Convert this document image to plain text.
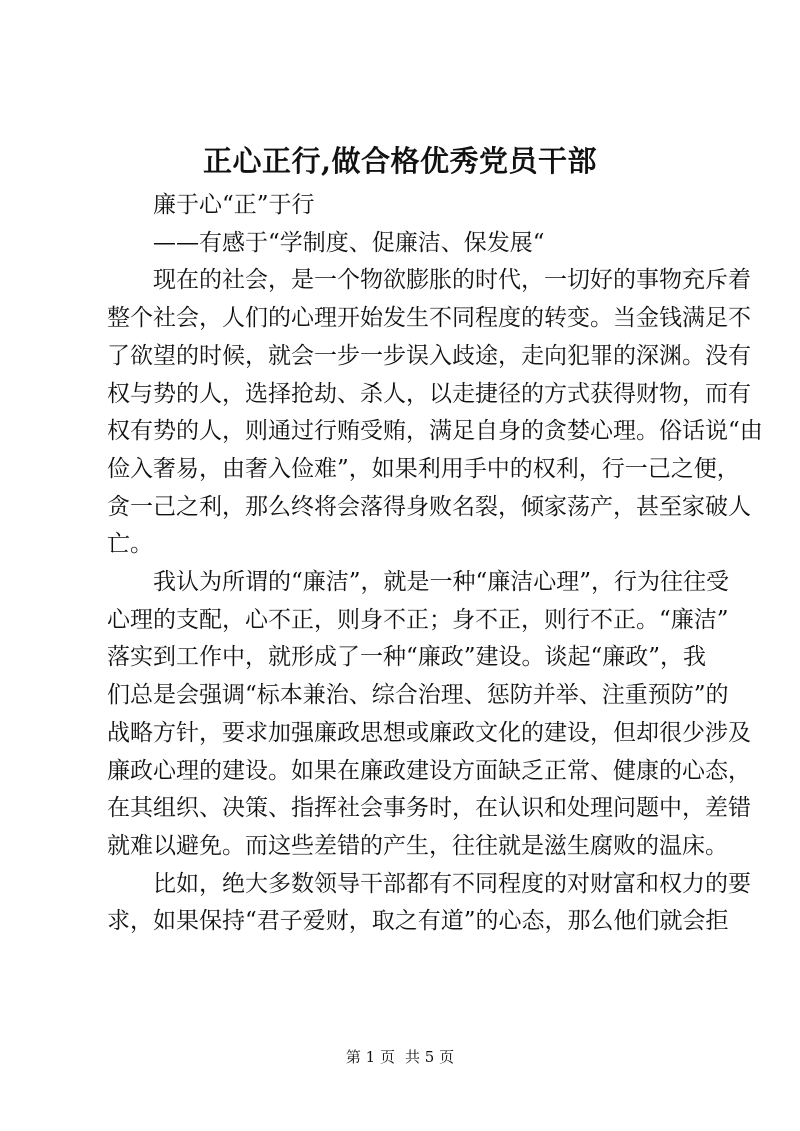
正心正行,做合格优秀党员干部

廉于心“正”于行

——有感于“学制度、促廉洁、保发展“

现在的社会，是一个物欲膨胀的时代，一切好的事物充斥着

整个社会，人们的心理开始发生不同程度的转变。当金钱满足不

了欲望的时候，就会一步一步误入歧途，走向犯罪的深渊。没有

权与势的人，选择抢劫、杀人，以走捷径的方式获得财物，而有

权有势的人，则通过行贿受贿，满足自身的贪婪心理。俗话说“由

俭入奢易，由奢入俭难”，如果利用手中的权利，行一己之便，

贪一己之利，那么终将会落得身败名裂，倾家荡产，甚至家破人

亡。

我认为所谓的“廉洁”，就是一种“廉洁心理”，行为往往受

心理的支配，心不正，则身不正；身不正，则行不正。“廉洁”

落实到工作中，就形成了一种“廉政”建设。谈起“廉政”，我

们总是会强调“标本兼治、综合治理、惩防并举、注重预防”的

战略方针，要求加强廉政思想或廉政文化的建设，但却很少涉及

廉政心理的建设。如果在廉政建设方面缺乏正常、健康的心态，

在其组织、决策、指挥社会事务时，在认识和处理问题中，差错

就难以避免。而这些差错的产生，往往就是滋生腐败的温床。

比如，绝大多数领导干部都有不同程度的对财富和权力的要

求，如果保持“君子爱财，取之有道”的心态，那么他们就会拒

第 1 页 共 5 页
